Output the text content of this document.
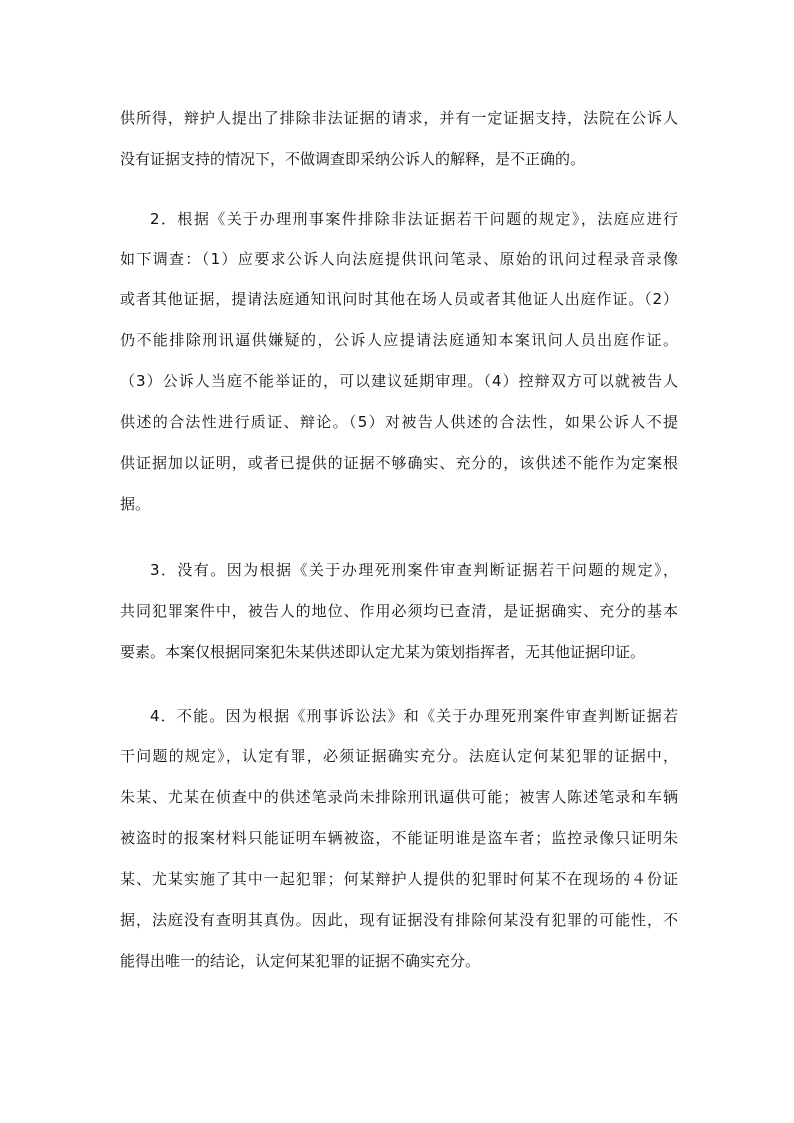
供所得，辩护人提出了排除非法证据的请求，并有一定证据支持，法院在公诉人

没有证据支持的情况下，不做调查即采纳公诉人的解释，是不正确的。

2．根据《关于办理刑事案件排除非法证据若干问题的规定》，法庭应进行

如下调查：（1）应要求公诉人向法庭提供讯问笔录、原始的讯问过程录音录像

或者其他证据，提请法庭通知讯问时其他在场人员或者其他证人出庭作证。（2）

仍不能排除刑讯逼供嫌疑的，公诉人应提请法庭通知本案讯问人员出庭作证。

（3）公诉人当庭不能举证的，可以建议延期审理。（4）控辩双方可以就被告人

供述的合法性进行质证、辩论。（5）对被告人供述的合法性，如果公诉人不提

供证据加以证明，或者已提供的证据不够确实、充分的，该供述不能作为定案根

据。

3．没有。因为根据《关于办理死刑案件审查判断证据若干问题的规定》，

共同犯罪案件中，被告人的地位、作用必须均已查清，是证据确实、充分的基本

要素。本案仅根据同案犯朱某供述即认定尤某为策划指挥者，无其他证据印证。

4．不能。因为根据《刑事诉讼法》和《关于办理死刑案件审查判断证据若

干问题的规定》，认定有罪，必须证据确实充分。法庭认定何某犯罪的证据中，

朱某、尤某在侦查中的供述笔录尚未排除刑讯逼供可能；被害人陈述笔录和车辆

被盗时的报案材料只能证明车辆被盗，不能证明谁是盗车者；监控录像只证明朱

某、尤某实施了其中一起犯罪；何某辩护人提供的犯罪时何某不在现场的４份证

据，法庭没有查明其真伪。因此，现有证据没有排除何某没有犯罪的可能性，不

能得出唯一的结论，认定何某犯罪的证据不确实充分。
